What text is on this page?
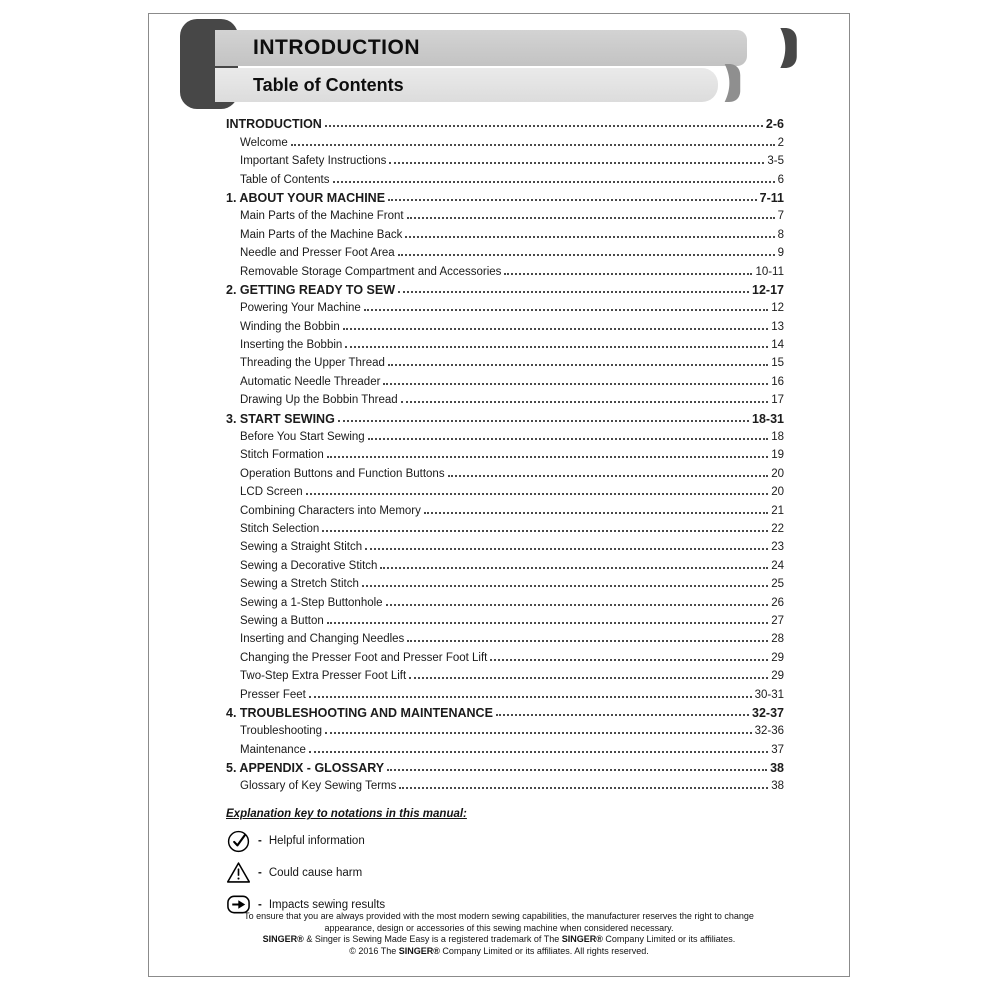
INTRODUCTION
Table of Contents
INTRODUCTION	2-6
Welcome	2
Important Safety Instructions	3-5
Table of Contents	6
1. ABOUT YOUR MACHINE	7-11
Main Parts of the Machine Front	7
Main Parts of the Machine Back	8
Needle and Presser Foot Area	9
Removable Storage Compartment and Accessories	10-11
2. GETTING READY TO SEW	12-17
Powering Your Machine	12
Winding the Bobbin	13
Inserting the Bobbin	14
Threading the Upper Thread	15
Automatic Needle Threader	16
Drawing Up the Bobbin Thread	17
3. START SEWING	18-31
Before You Start Sewing	18
Stitch Formation	19
Operation Buttons and Function Buttons	20
LCD Screen	20
Combining Characters into Memory	21
Stitch Selection	22
Sewing a Straight Stitch	23
Sewing a Decorative Stitch	24
Sewing a Stretch Stitch	25
Sewing a 1-Step Buttonhole	26
Sewing a Button	27
Inserting and Changing Needles	28
Changing the Presser Foot and Presser Foot Lift	29
Two-Step Extra Presser Foot Lift	29
Presser Feet	30-31
4. TROUBLESHOOTING AND MAINTENANCE	32-37
Troubleshooting	32-36
Maintenance	37
5. APPENDIX - GLOSSARY	38
Glossary of Key Sewing Terms	38
Explanation key to notations in this manual:
- Helpful information
- Could cause harm
- Impacts sewing results
To ensure that you are always provided with the most modern sewing capabilities, the manufacturer reserves the right to change
appearance, design or accessories of this sewing machine when considered necessary.
SINGER® & Singer is Sewing Made Easy is a registered trademark of The SINGER® Company Limited or its affiliates.
© 2016 The SINGER® Company Limited or its affiliates. All rights reserved.
